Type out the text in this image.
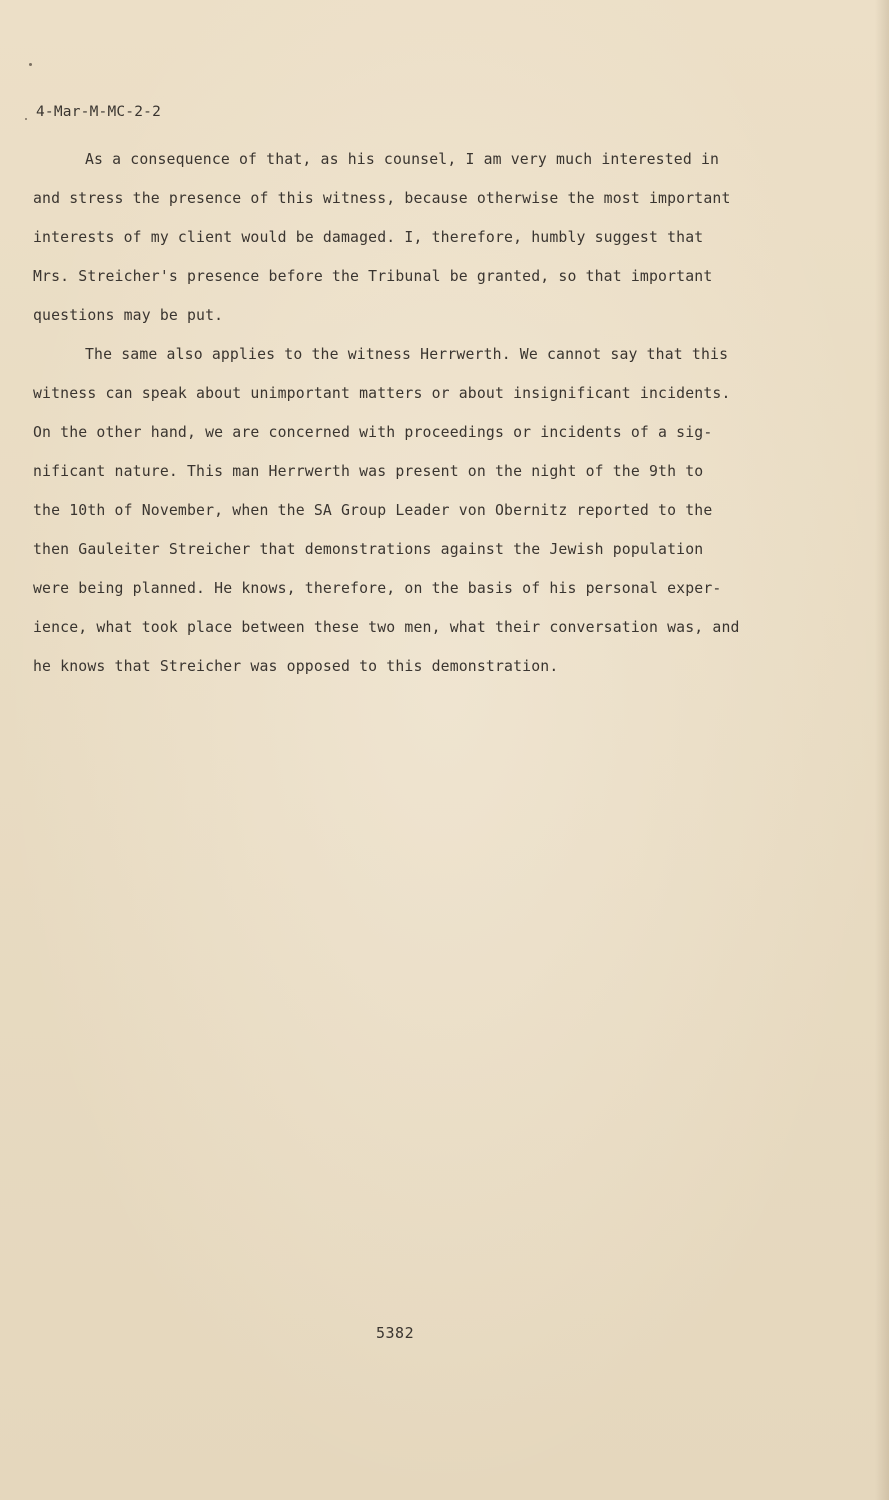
4-Mar-M-MC-2-2
As a consequence of that, as his counsel, I am very much interested in
and stress the presence of this witness, because otherwise the most important
interests of my client would be damaged. I, therefore, humbly suggest that
Mrs. Streicher's presence before the Tribunal be granted, so that important
questions may be put.
The same also applies to the witness Herrwerth. We cannot say that this
witness can speak about unimportant matters or about insignificant incidents.
On the other hand, we are concerned with proceedings or incidents of a sig-
nificant nature. This man Herrwerth was present on the night of the 9th to
the 10th of November, when the SA Group Leader von Obernitz reported to the
then Gauleiter Streicher that demonstrations against the Jewish population
were being planned. He knows, therefore, on the basis of his personal exper-
ience, what took place between these two men, what their conversation was, and
he knows that Streicher was opposed to this demonstration.
5382
